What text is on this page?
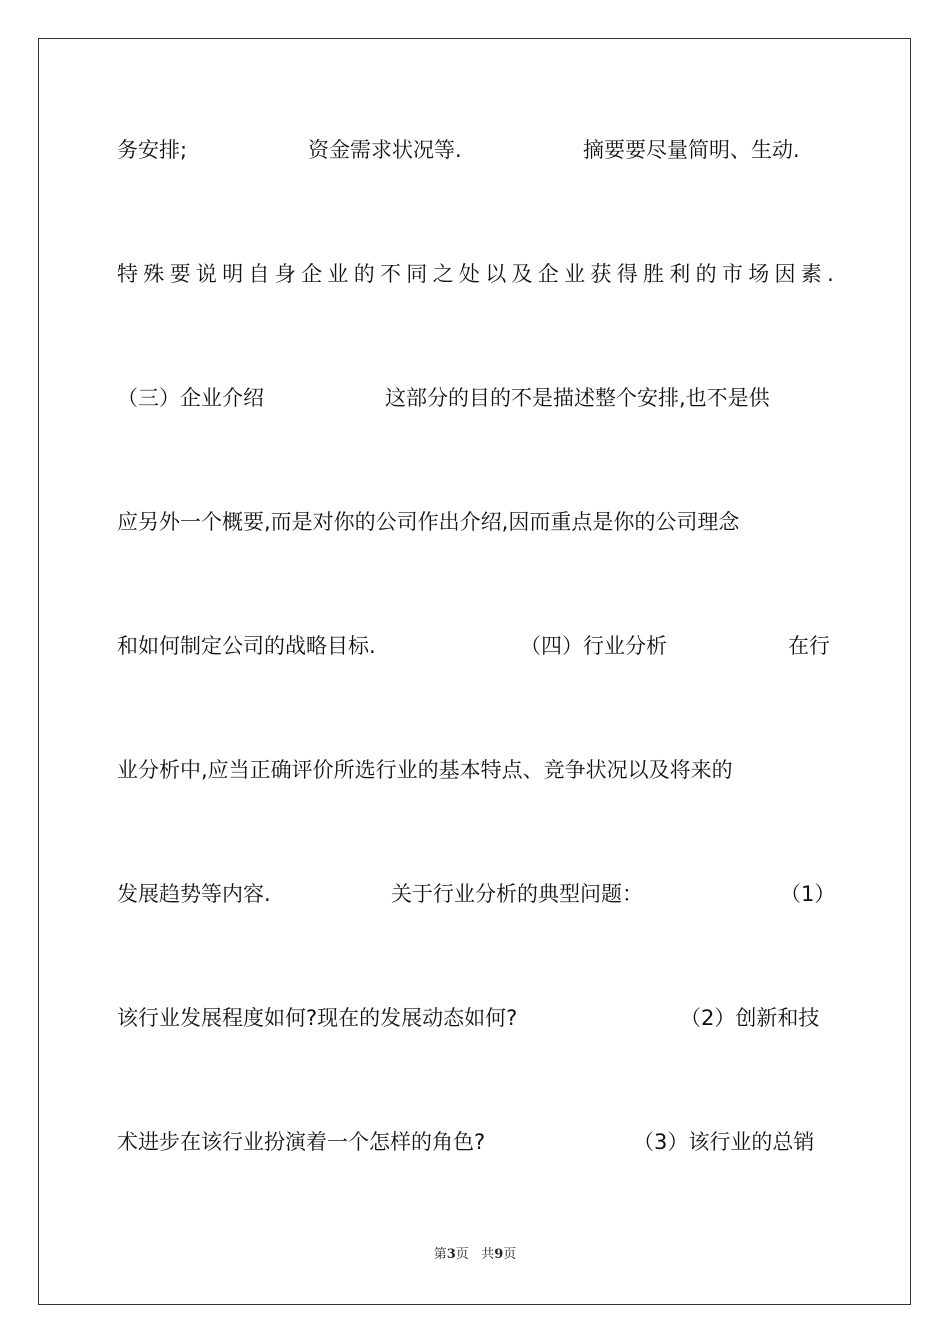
务安排;	资金需求状况等.	摘要要尽量简明、生动.
特殊要说明自身企业的不同之处以及企业获得胜利的市场因素.
（三）企业介绍	这部分的目的不是描述整个安排,也不是供
应另外一个概要,而是对你的公司作出介绍,因而重点是你的公司理念
和如何制定公司的战略目标.	（四）行业分析	在行
业分析中,应当正确评价所选行业的基本特点、竞争状况以及将来的
发展趋势等内容.	关于行业分析的典型问题：	（1）
该行业发展程度如何?现在的发展动态如何?	（2）创新和技
术进步在该行业扮演着一个怎样的角色?	（3）该行业的总销
第3页 共9页
